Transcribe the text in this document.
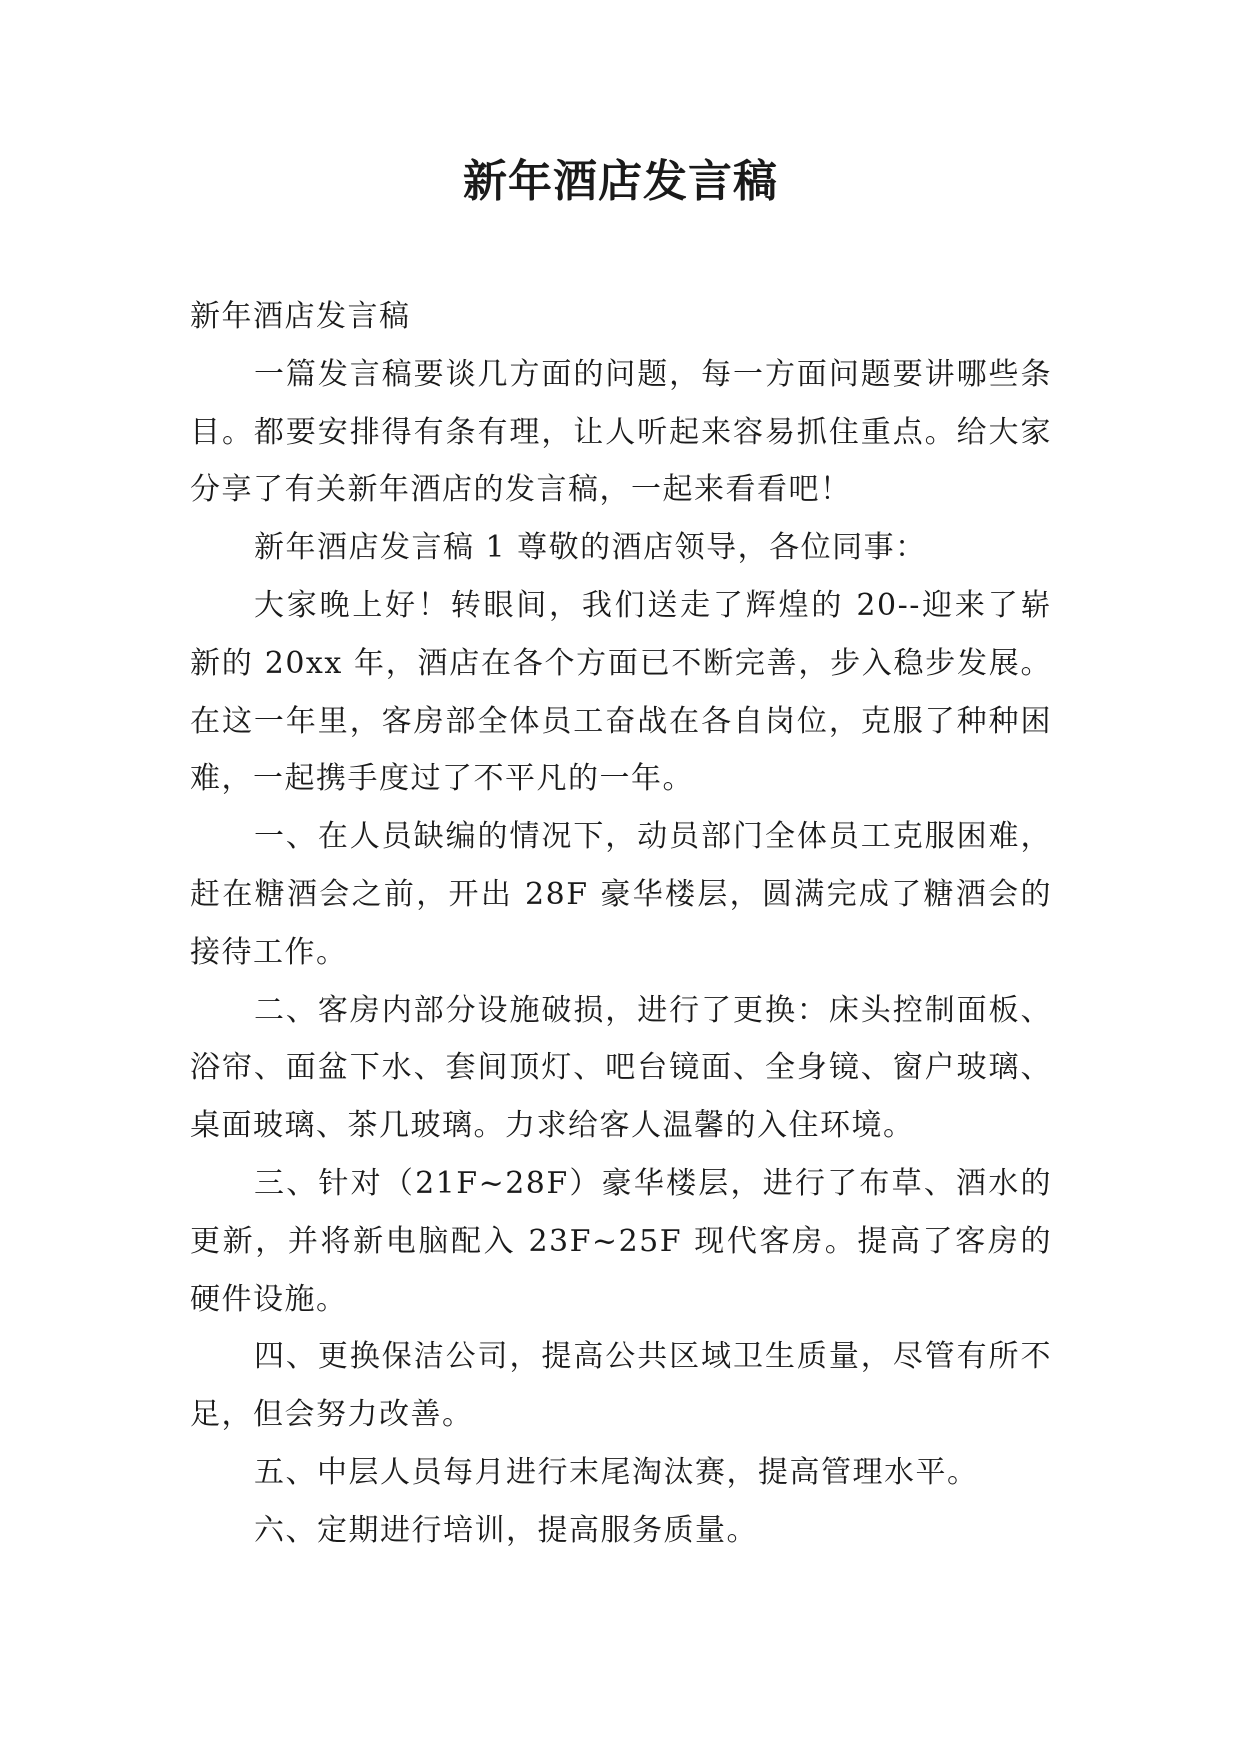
新年酒店发言稿

新年酒店发言稿

一篇发言稿要谈几方面的问题，每一方面问题要讲哪些条目。都要安排得有条有理，让人听起来容易抓住重点。给大家分享了有关新年酒店的发言稿，一起来看看吧！

新年酒店发言稿 1 尊敬的酒店领导，各位同事：

大家晚上好！转眼间，我们送走了辉煌的 20--迎来了崭新的 20xx 年，酒店在各个方面已不断完善，步入稳步发展。在这一年里，客房部全体员工奋战在各自岗位，克服了种种困难，一起携手度过了不平凡的一年。

一、在人员缺编的情况下，动员部门全体员工克服困难，赶在糖酒会之前，开出 28F 豪华楼层，圆满完成了糖酒会的接待工作。

二、客房内部分设施破损，进行了更换：床头控制面板、浴帘、面盆下水、套间顶灯、吧台镜面、全身镜、窗户玻璃、桌面玻璃、茶几玻璃。力求给客人温馨的入住环境。

三、针对（21F~28F）豪华楼层，进行了布草、酒水的更新，并将新电脑配入 23F~25F 现代客房。提高了客房的硬件设施。

四、更换保洁公司，提高公共区域卫生质量，尽管有所不足，但会努力改善。

五、中层人员每月进行末尾淘汰赛，提高管理水平。

六、定期进行培训，提高服务质量。
